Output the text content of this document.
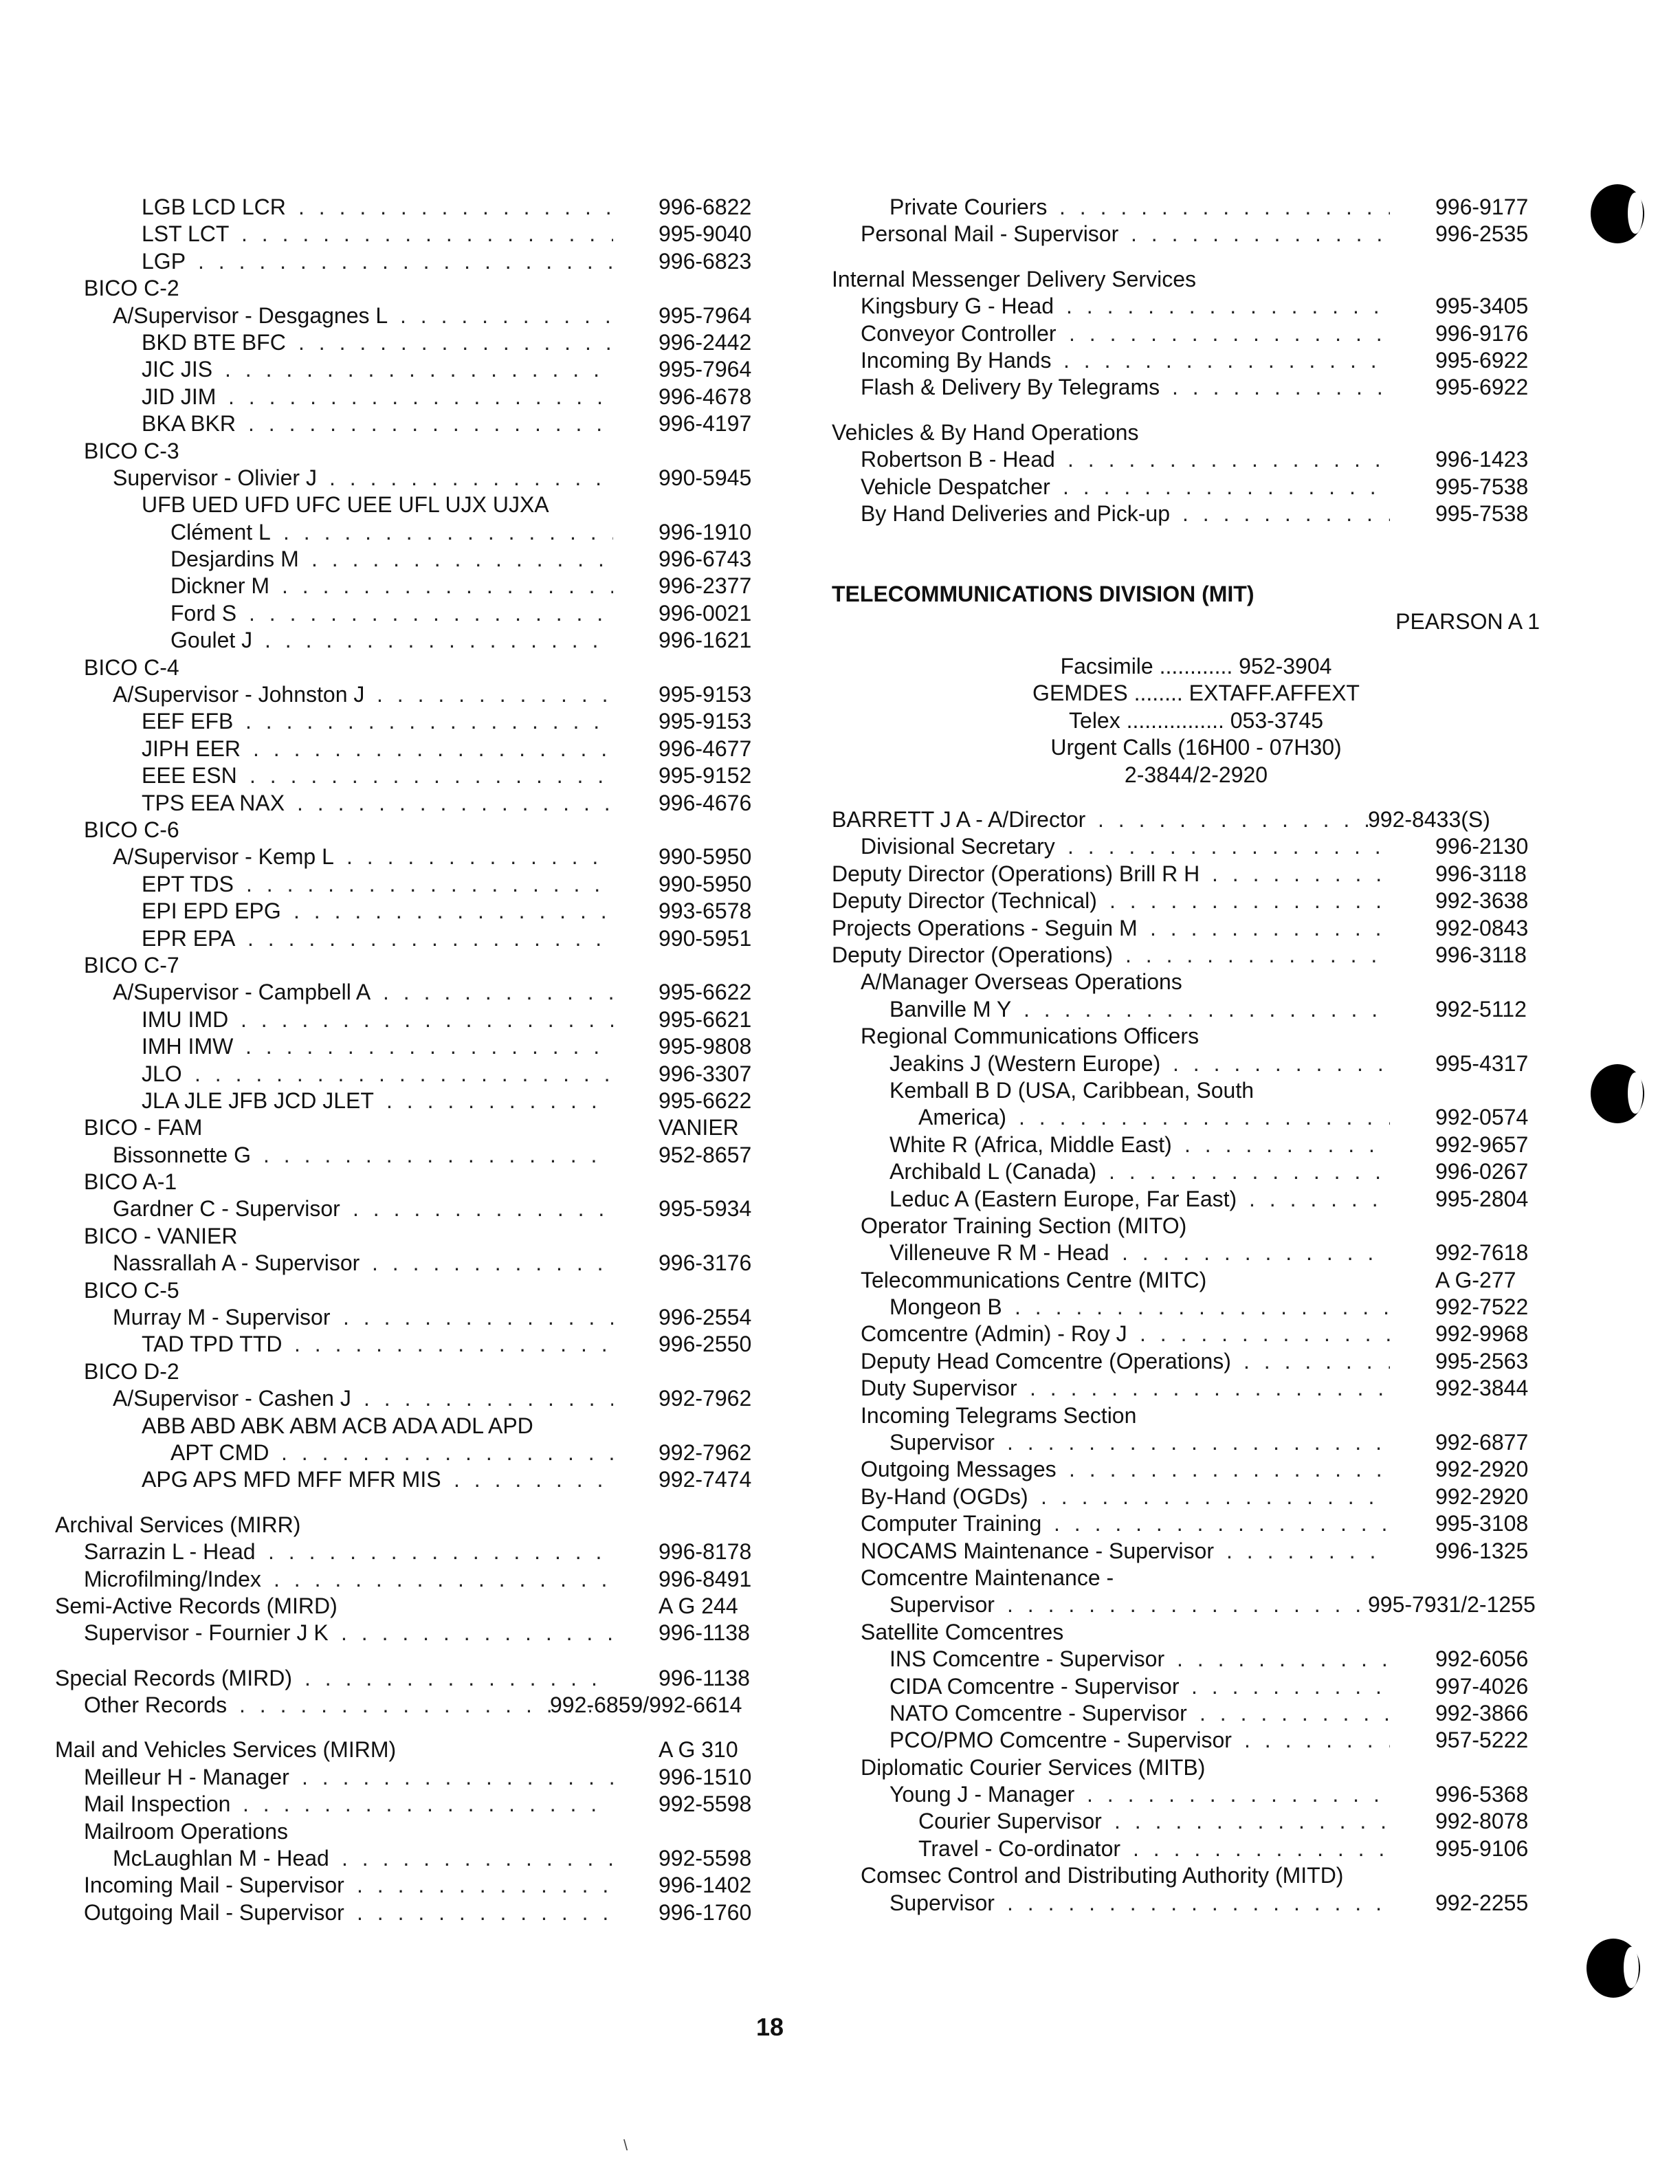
LGB LCD LCR . . .	996-6822
LST LCT . . .	995-9040
LGP . . .	996-6823
BICO C-2
A/Supervisor - Desgagnes L . . .	995-7964
BKD BTE BFC . . .	996-2442
JIC JIS . . .	995-7964
JID JIM . . .	996-4678
BKA BKR . . .	996-4197
BICO C-3
Supervisor - Olivier J . . .	990-5945
UFB UED UFD UFC UEE UFL UJX UJXA
Clément L . . .	996-1910
Desjardins M . . .	996-6743
Dickner M . . .	996-2377
Ford S . . .	996-0021
Goulet J . . .	996-1621
BICO C-4
A/Supervisor - Johnston J . . .	995-9153
EEF EFB . . .	995-9153
JIPH EER . . .	996-4677
EEE ESN . . .	995-9152
TPS EEA NAX . . .	996-4676
BICO C-6
A/Supervisor - Kemp L . . .	990-5950
EPT TDS . . .	990-5950
EPI EPD EPG . . .	993-6578
EPR EPA . . .	990-5951
BICO C-7
A/Supervisor - Campbell A . . .	995-6622
IMU IMD . . .	995-6621
IMH IMW . . .	995-9808
JLO . . .	996-3307
JLA JLE JFB JCD JLET . . .	995-6622
BICO - FAM	VANIER
Bissonnette G . . .	952-8657
BICO A-1
Gardner C - Supervisor . . .	995-5934
BICO - VANIER
Nassrallah A - Supervisor . . .	996-3176
BICO C-5
Murray M - Supervisor . . .	996-2554
TAD TPD TTD . . .	996-2550
BICO D-2
A/Supervisor - Cashen J . . .	992-7962
ABB ABD ABK ABM ACB ADA ADL APD
APT CMD . . .	992-7962
APG APS MFD MFF MFR MIS . . .	992-7474
Archival Services (MIRR)
Sarrazin L - Head . . .	996-8178
Microfilming/Index . . .	996-8491
Semi-Active Records (MIRD)	A G 244
Supervisor - Fournier J K . . .	996-1138
Special Records (MIRD) . . .	996-1138
Other Records . . .	992-6859/992-6614
Mail and Vehicles Services (MIRM)	A G 310
Meilleur H - Manager . . .	996-1510
Mail Inspection . . .	992-5598
Mailroom Operations
McLaughlan M - Head . . .	992-5598
Incoming Mail - Supervisor . . .	996-1402
Outgoing Mail - Supervisor . . .	996-1760
Private Couriers . . .	996-9177
Personal Mail - Supervisor . . .	996-2535
Internal Messenger Delivery Services
Kingsbury G - Head . . .	995-3405
Conveyor Controller . . .	996-9176
Incoming By Hands . . .	995-6922
Flash & Delivery By Telegrams . . .	995-6922
Vehicles & By Hand Operations
Robertson B - Head . . .	996-1423
Vehicle Despatcher . . .	995-7538
By Hand Deliveries and Pick-up . . .	995-7538
TELECOMMUNICATIONS DIVISION (MIT)
PEARSON A 1
Facsimile ............ 952-3904
GEMDES ........ EXTAFF.AFFEXT
Telex ................ 053-3745
Urgent Calls (16H00 - 07H30)
2-3844/2-2920
BARRETT J A - A/Director . . .	992-8433(S)
Divisional Secretary . . .	996-2130
Deputy Director (Operations) Brill R H . . .	996-3118
Deputy Director (Technical) . . .	992-3638
Projects Operations - Seguin M . . .	992-0843
Deputy Director (Operations) . . .	996-3118
A/Manager Overseas Operations
Banville M Y . . .	992-5112
Regional Communications Officers
Jeakins J (Western Europe) . . .	995-4317
Kemball B D (USA, Caribbean, South
America) . . .	992-0574
White R (Africa, Middle East) . . .	992-9657
Archibald L (Canada) . . .	996-0267
Leduc A (Eastern Europe, Far East) . . .	995-2804
Operator Training Section (MITO)
Villeneuve R M - Head . . .	992-7618
Telecommunications Centre (MITC)	A G-277
Mongeon B . . .	992-7522
Comcentre (Admin) - Roy J . . .	992-9968
Deputy Head Comcentre (Operations) . . .	995-2563
Duty Supervisor . . .	992-3844
Incoming Telegrams Section
Supervisor . . .	992-6877
Outgoing Messages . . .	992-2920
By-Hand (OGDs) . . .	992-2920
Computer Training . . .	995-3108
NOCAMS Maintenance - Supervisor . . .	996-1325
Comcentre Maintenance -
Supervisor . . .	995-7931/2-1255
Satellite Comcentres
INS Comcentre - Supervisor . . .	992-6056
CIDA Comcentre - Supervisor . . .	997-4026
NATO Comcentre - Supervisor . . .	992-3866
PCO/PMO Comcentre - Supervisor . . .	957-5222
Diplomatic Courier Services (MITB)
Young J - Manager . . .	996-5368
Courier Supervisor . . .	992-8078
Travel - Co-ordinator . . .	995-9106
Comsec Control and Distributing Authority (MITD)
Supervisor . . .	992-2255
18
\
